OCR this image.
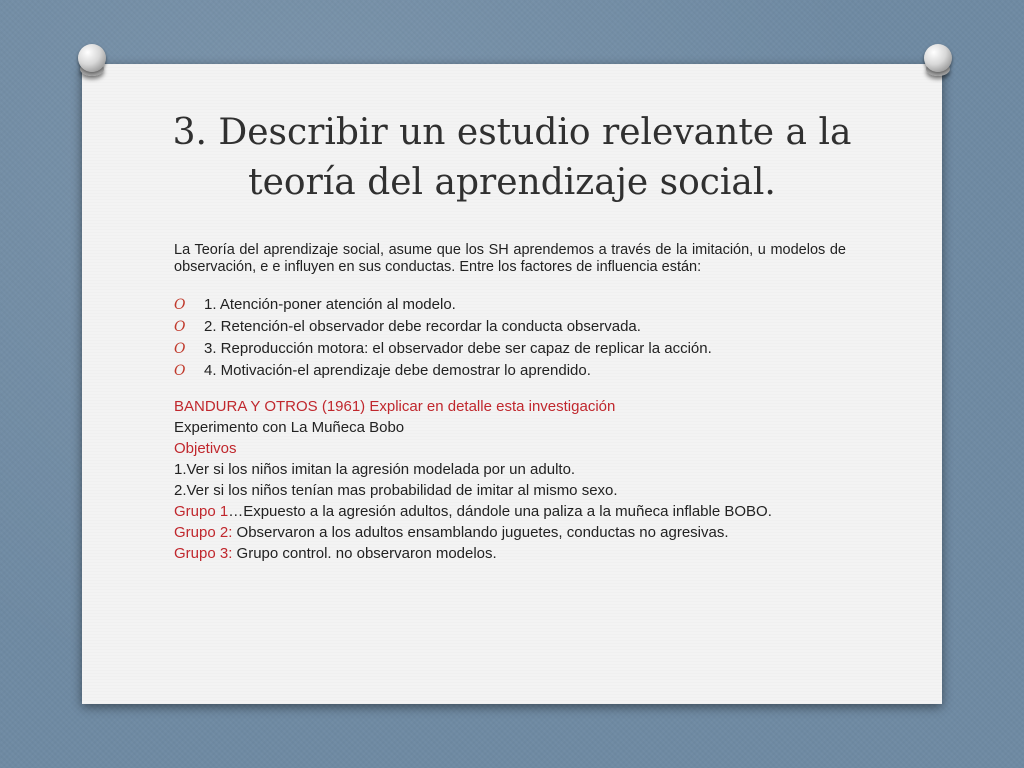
3. Describir un estudio relevante a la
teoría del aprendizaje social.

La Teoría del aprendizaje social, asume que los SH aprendemos a través de la imitación, u modelos de observación, e e influyen en sus conductas. Entre los factores de influencia están:

O 1. Atención-poner atención al modelo.
O 2. Retención-el observador debe recordar la conducta observada.
O 3. Reproducción motora: el observador debe ser capaz de replicar la acción.
O 4. Motivación-el aprendizaje debe demostrar lo aprendido.

BANDURA Y OTROS (1961) Explicar en detalle esta investigación

Experimento con La Muñeca Bobo

Objetivos

1.Ver si los niños imitan la agresión modelada por un adulto.

2.Ver si los niños tenían mas probabilidad de imitar al mismo sexo.

Grupo 1…Expuesto a la agresión adultos, dándole una paliza a la muñeca inflable BOBO.

Grupo 2: Observaron a los adultos ensamblando juguetes, conductas no agresivas.

Grupo 3: Grupo control. no observaron modelos.
